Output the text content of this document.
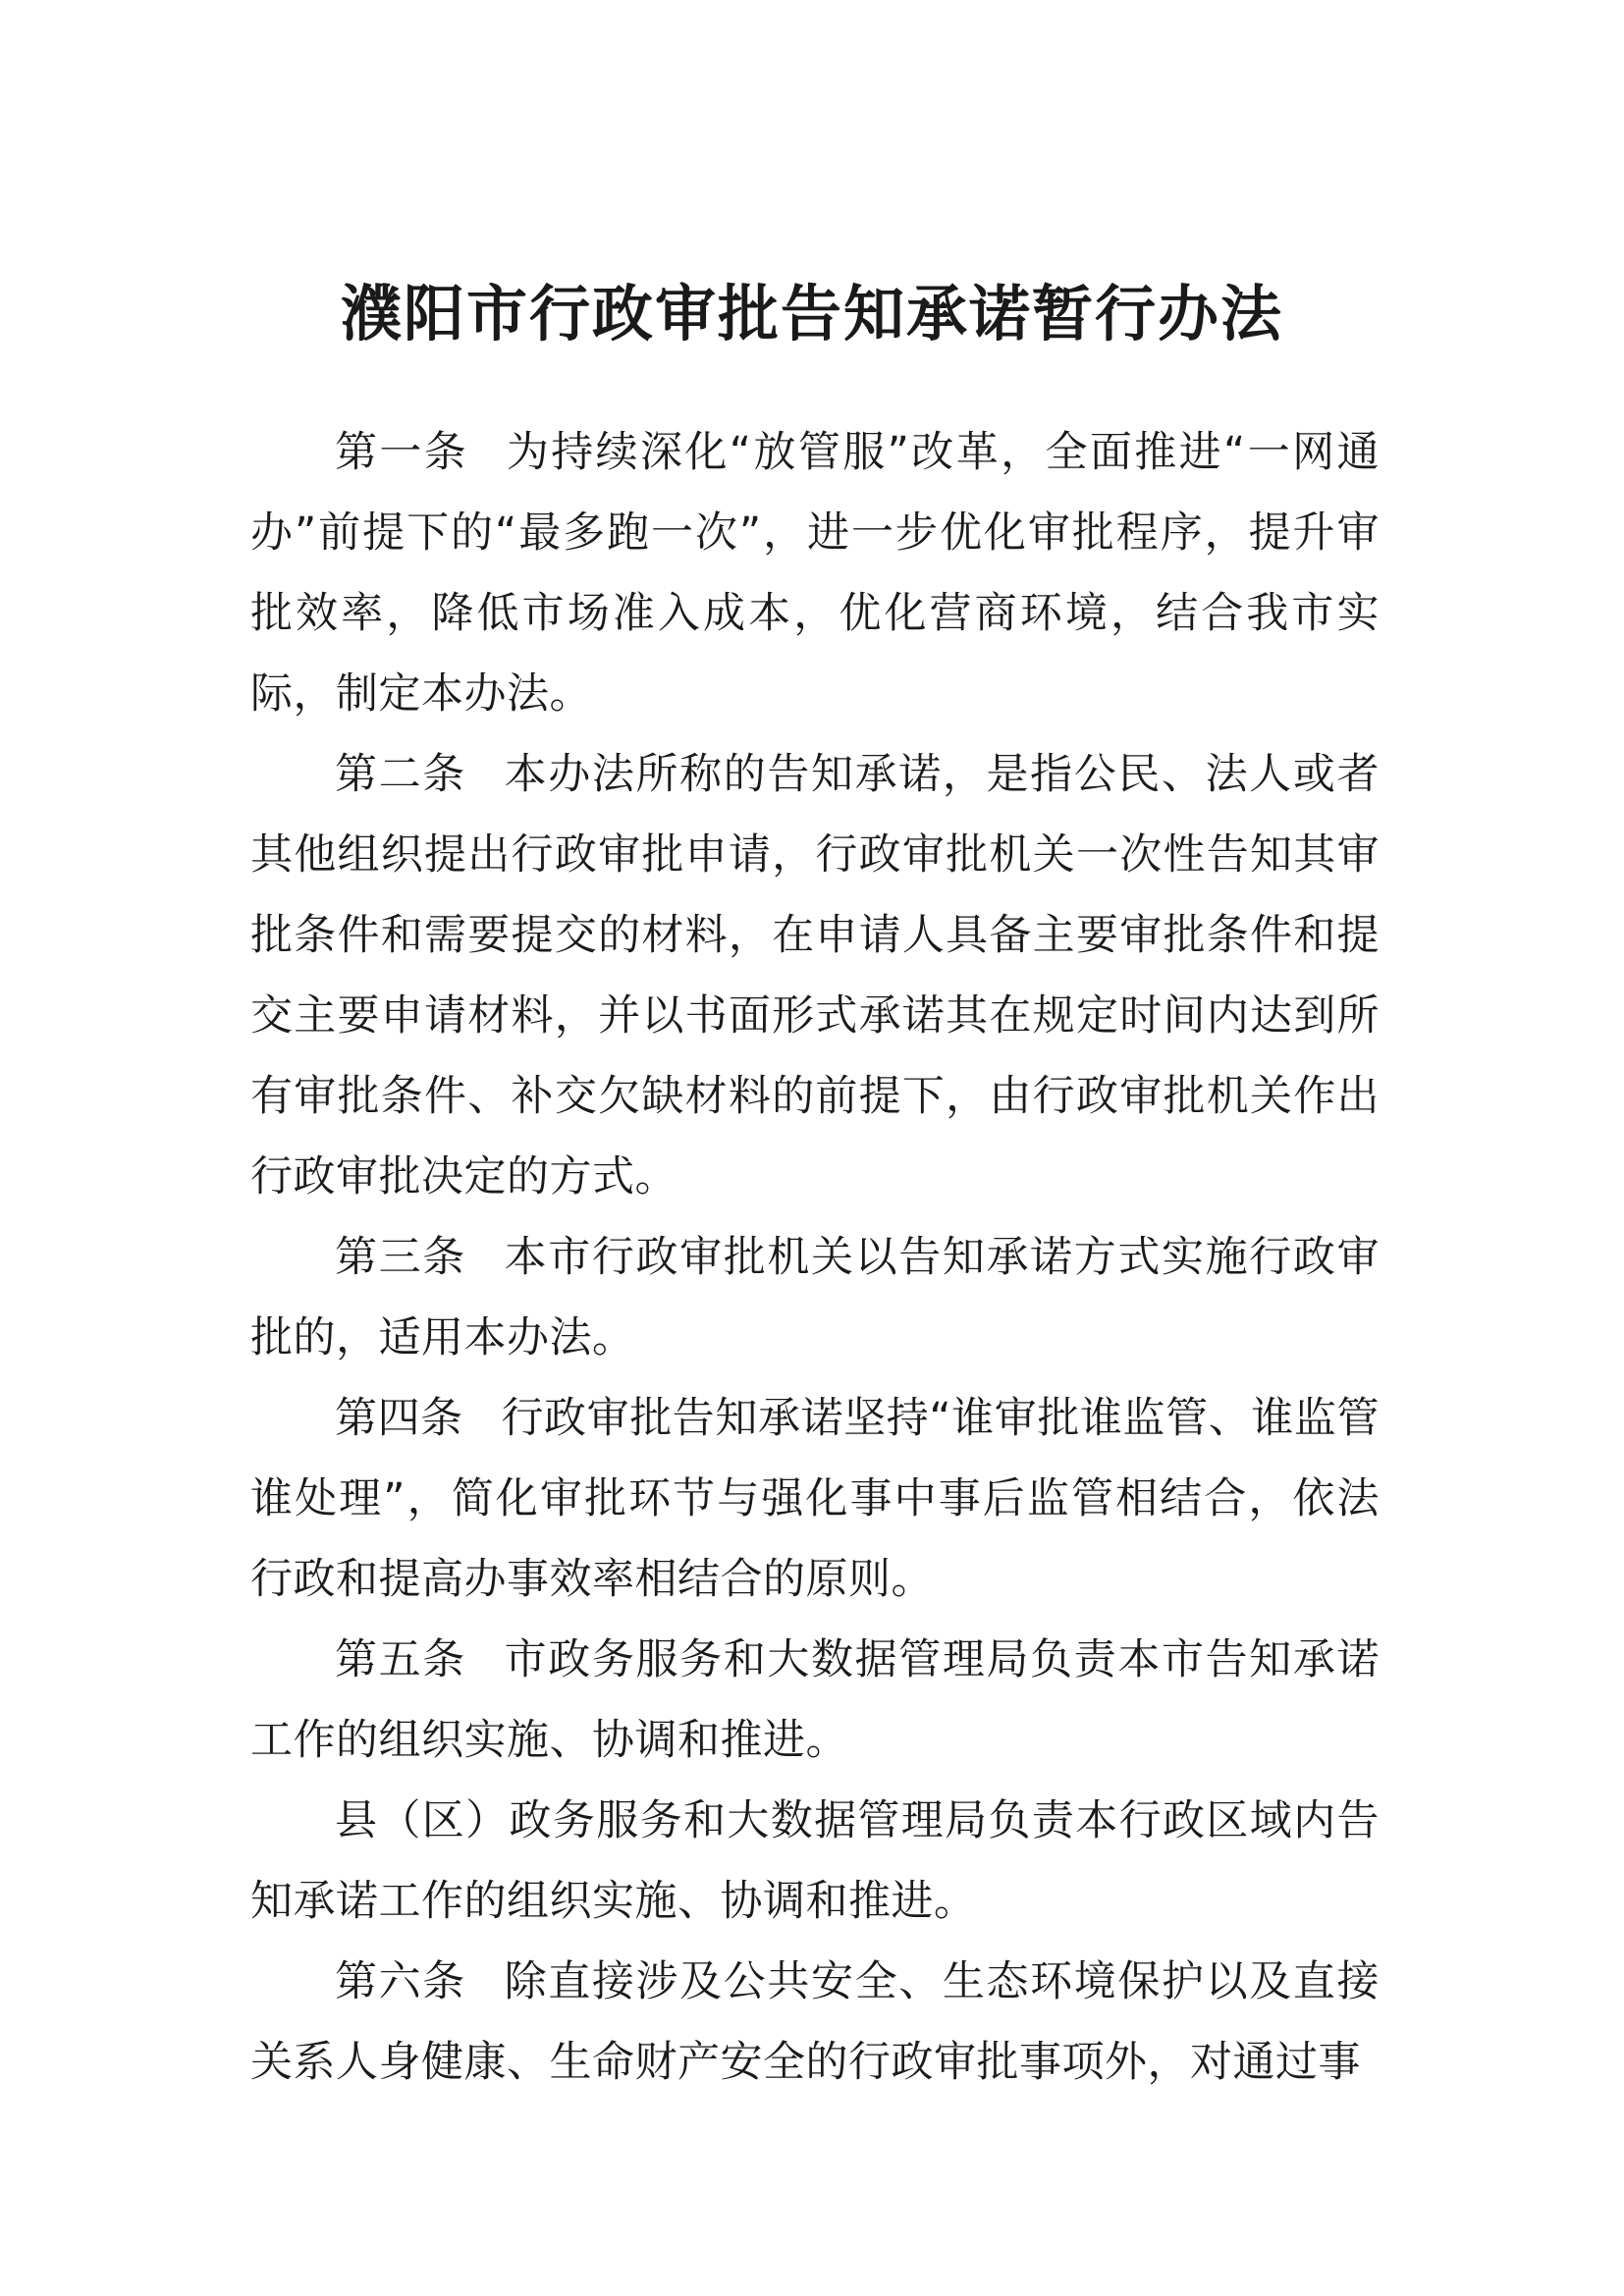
濮阳市行政审批告知承诺暂行办法

第一条 为持续深化“放管服”改革，全面推进“一网通办”前提下的“最多跑一次”，进一步优化审批程序，提升审批效率，降低市场准入成本，优化营商环境，结合我市实际，制定本办法。

第二条 本办法所称的告知承诺，是指公民、法人或者其他组织提出行政审批申请，行政审批机关一次性告知其审批条件和需要提交的材料，在申请人具备主要审批条件和提交主要申请材料，并以书面形式承诺其在规定时间内达到所有审批条件、补交欠缺材料的前提下，由行政审批机关作出行政审批决定的方式。

第三条 本市行政审批机关以告知承诺方式实施行政审批的，适用本办法。

第四条 行政审批告知承诺坚持“谁审批谁监管、谁监管谁处理”，简化审批环节与强化事中事后监管相结合，依法行政和提高办事效率相结合的原则。

第五条 市政务服务和大数据管理局负责本市告知承诺工作的组织实施、协调和推进。

县（区）政务服务和大数据管理局负责本行政区域内告知承诺工作的组织实施、协调和推进。

第六条 除直接涉及公共安全、生态环境保护以及直接关系人身健康、生命财产安全的行政审批事项外，对通过事
